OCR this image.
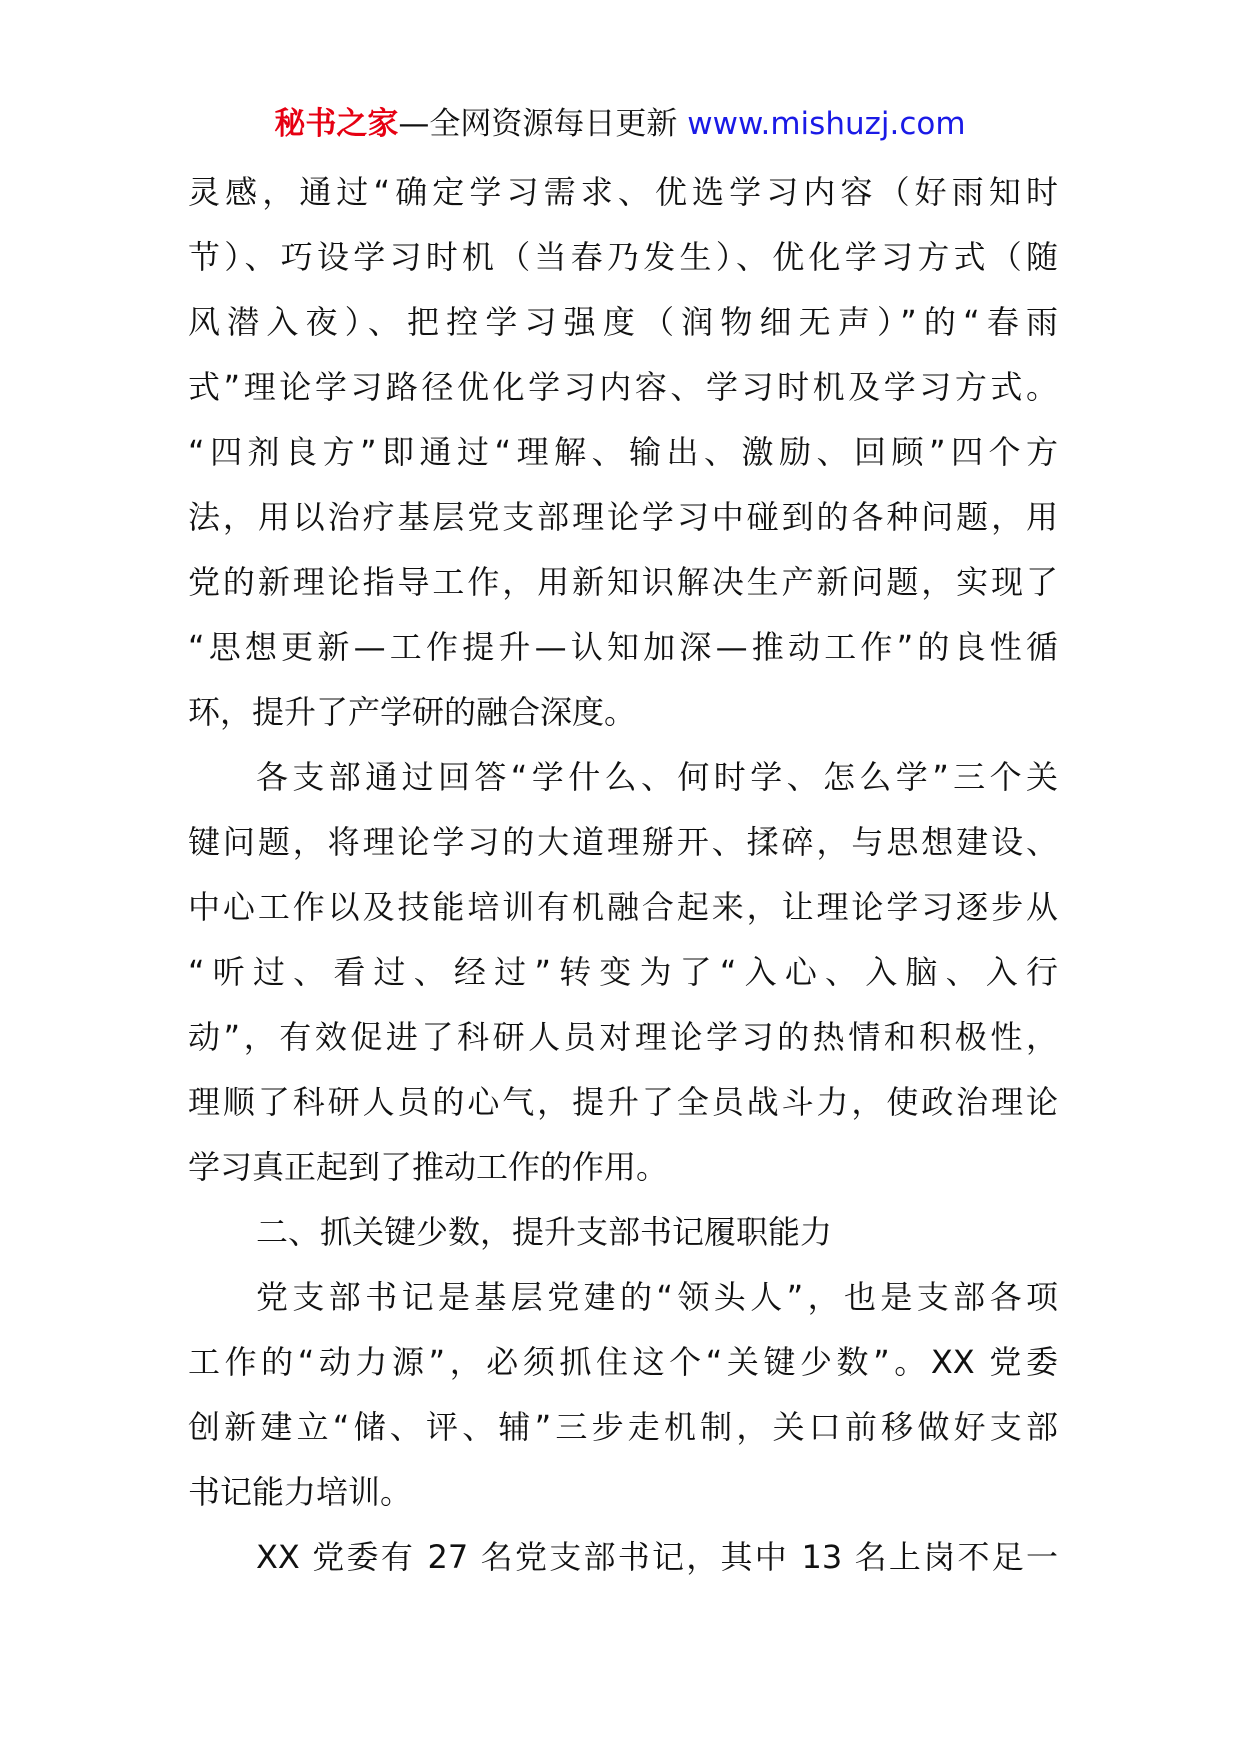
秘书之家—全网资源每日更新 www.mishuzj.com
灵感，通过“确定学习需求、优选学习内容（好雨知时
节）、巧设学习时机（当春乃发生）、优化学习方式（随
风潜入夜）、把控学习强度（润物细无声）”的“春雨
式”理论学习路径优化学习内容、学习时机及学习方式。
“四剂良方”即通过“理解、输出、激励、回顾”四个方
法，用以治疗基层党支部理论学习中碰到的各种问题，用
党的新理论指导工作，用新知识解决生产新问题，实现了
“思想更新—工作提升—认知加深—推动工作”的良性循
环，提升了产学研的融合深度。
各支部通过回答“学什么、何时学、怎么学”三个关
键问题，将理论学习的大道理掰开、揉碎，与思想建设、
中心工作以及技能培训有机融合起来，让理论学习逐步从
“听过、看过、经过”转变为了“入心、入脑、入行
动”，有效促进了科研人员对理论学习的热情和积极性，
理顺了科研人员的心气，提升了全员战斗力，使政治理论
学习真正起到了推动工作的作用。
二、抓关键少数，提升支部书记履职能力
党支部书记是基层党建的“领头人”，也是支部各项
工作的“动力源”，必须抓住这个“关键少数”。XX 党委
创新建立“储、评、辅”三步走机制，关口前移做好支部
书记能力培训。
XX 党委有 27 名党支部书记，其中 13 名上岗不足一
